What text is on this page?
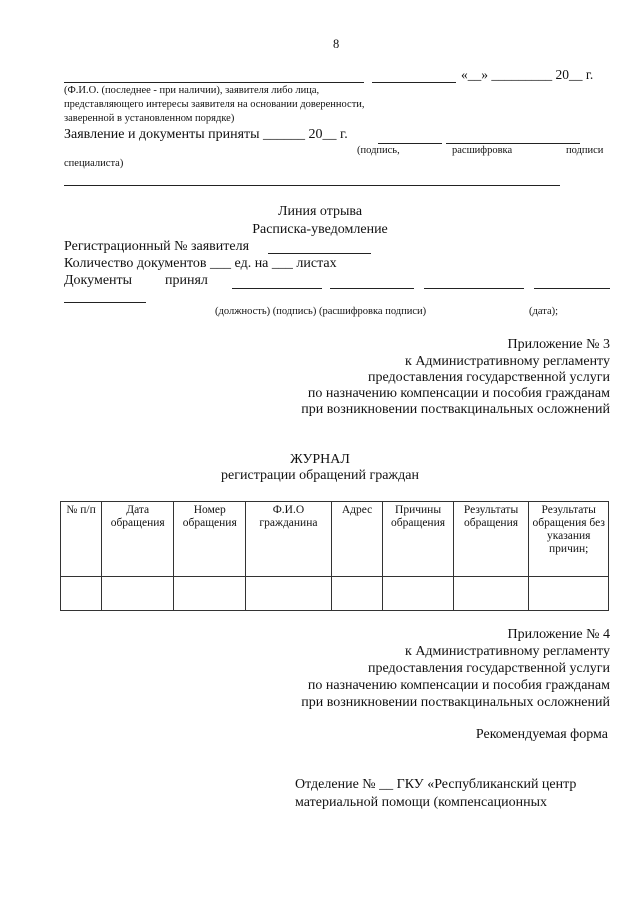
8
«__» _________ 20__ г.
(Ф.И.О. (последнее - при наличии), заявителя либо лица,
представляющего интересы заявителя на основании доверенности,
заверенной в установленном порядке)
Заявление и документы приняты ______ 20__ г.
(подпись,	расшифровка	подписи
специалиста)
Линия отрыва
Расписка-уведомление
Регистрационный № заявителя
Количество документов ___ ед. на ___ листах
Документы принял
(должность) (подпись) (расшифровка подписи)	(дата);
Приложение № 3
к Административному регламенту
предоставления государственной услуги
по назначению компенсации и пособия гражданам
при возникновении поствакцинальных осложнений
ЖУРНАЛ
регистрации обращений граждан
№ п/п	Дата обращения	Номер обращения	Ф.И.О гражданина	Адрес	Причины обращения	Результаты обращения	Результаты обращения без указания причин;

Приложение № 4
к Административному регламенту
предоставления государственной услуги
по назначению компенсации и пособия гражданам
при возникновении поствакцинальных осложнений
Рекомендуемая форма
Отделение № __ ГКУ «Республиканский центр
материальной помощи (компенсационных
